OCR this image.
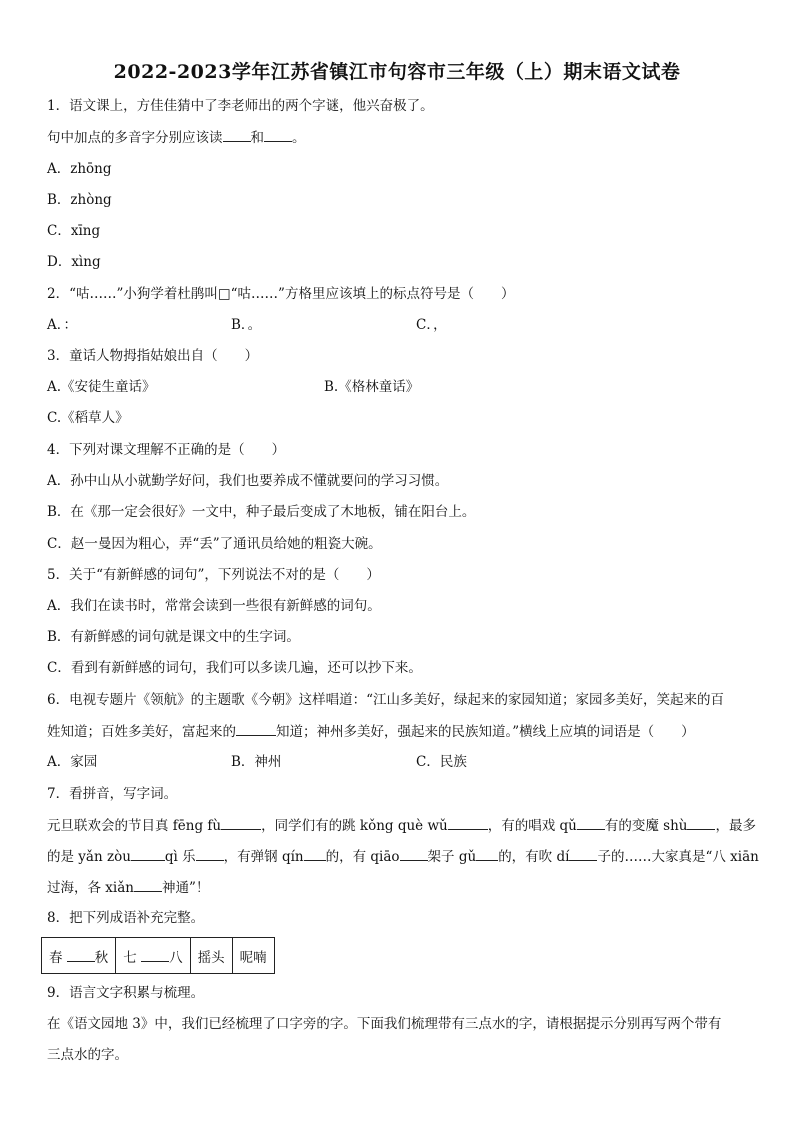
2022-2023学年江苏省镇江市句容市三年级（上）期末语文试卷
1．语文课上，方佳佳猜中了李老师出的两个字谜，他兴奋极了。
句中加点的多音字分别应该读 和 。
A．zhōng
B．zhòng
C．xīng
D．xìng
2．“咕……”小狗学着杜鹃叫□“咕……”方格里应该填上的标点符号是（　　）
A．：	B．。	C．，
3．童话人物拇指姑娘出自（　　）
A.《安徒生童话》	B.《格林童话》
C.《稻草人》
4．下列对课文理解不正确的是（　　）
A．孙中山从小就勤学好问，我们也要养成不懂就要问的学习习惯。
B．在《那一定会很好》一文中，种子最后变成了木地板，铺在阳台上。
C．赵一曼因为粗心，弄“丢”了通讯员给她的粗瓷大碗。
5．关于“有新鲜感的词句”，下列说法不对的是（　　）
A．我们在读书时，常常会读到一些很有新鲜感的词句。
B．有新鲜感的词句就是课文中的生字词。
C．看到有新鲜感的词句，我们可以多读几遍，还可以抄下来。
6．电视专题片《领航》的主题歌《今朝》这样唱道：“江山多美好，绿起来的家园知道；家园多美好，笑起来的百
姓知道；百姓多美好，富起来的	知道；神州多美好，强起来的民族知道。”横线上应填的词语是（　　）
A．家园	B．神州	C．民族
7．看拼音，写字词。
元旦联欢会的节目真 fēng fù	，同学们有的跳 kǒng què wǔ	，有的唱戏 qǔ 有的变魔 shù ，最多
的是 yǎn zòu	qì 乐 ，有弹钢 qín 的，有 qiāo 架子 gǔ 的，有吹 dí 子的……大家真是“八 xiān
过海，各 xiǎn 神通”！
8．把下列成语补充完整。
春 秋	七 八	摇头	呢喃
9．语言文字积累与梳理。
在《语文园地 3》中，我们已经梳理了口字旁的字。下面我们梳理带有三点水的字，请根据提示分别再写两个带有
三点水的字。
